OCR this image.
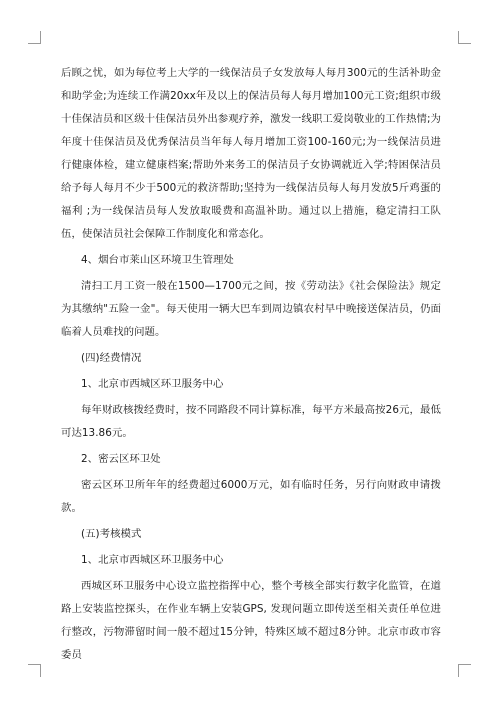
后顾之忧，如为每位考上大学的一线保洁员子女发放每人每月300元的生活补助金和助学金;为连续工作满20xx年及以上的保洁员每人每月增加100元工资;组织市级十佳保洁员和区级十佳保洁员外出参观疗养，激发一线职工爱岗敬业的工作热情;为年度十佳保洁员及优秀保洁员当年每人每月增加工资100-160元;为一线保洁员进行健康体检，建立健康档案;帮助外来务工的保洁员子女协调就近入学;特困保洁员给予每人每月不少于500元的救济帮助;坚持为一线保洁员每人每月发放5斤鸡蛋的福利 ;为一线保洁员每人发放取暖费和高温补助。通过以上措施，稳定清扫工队伍，使保洁员社会保障工作制度化和常态化。

4、烟台市莱山区环境卫生管理处

清扫工月工资一般在1500—1700元之间，按《劳动法》《社会保险法》规定为其缴纳"五险一金"。每天使用一辆大巴车到周边镇农村早中晚接送保洁员，仍面临着人员难找的问题。

(四)经费情况

1、北京市西城区环卫服务中心

每年财政核拨经费时，按不同路段不同计算标准，每平方米最高按26元，最低可达13.86元。

2、密云区环卫处

密云区环卫所年年的经费超过6000万元，如有临时任务，另行向财政申请拨款。

(五)考核模式

1、北京市西城区环卫服务中心

西城区环卫服务中心设立监控指挥中心，整个考核全部实行数字化监管，在道路上安装监控探头，在作业车辆上安装GPS, 发现问题立即传送至相关责任单位进行整改，污物滞留时间一般不超过15分钟，特殊区域不超过8分钟。北京市政市容委员
